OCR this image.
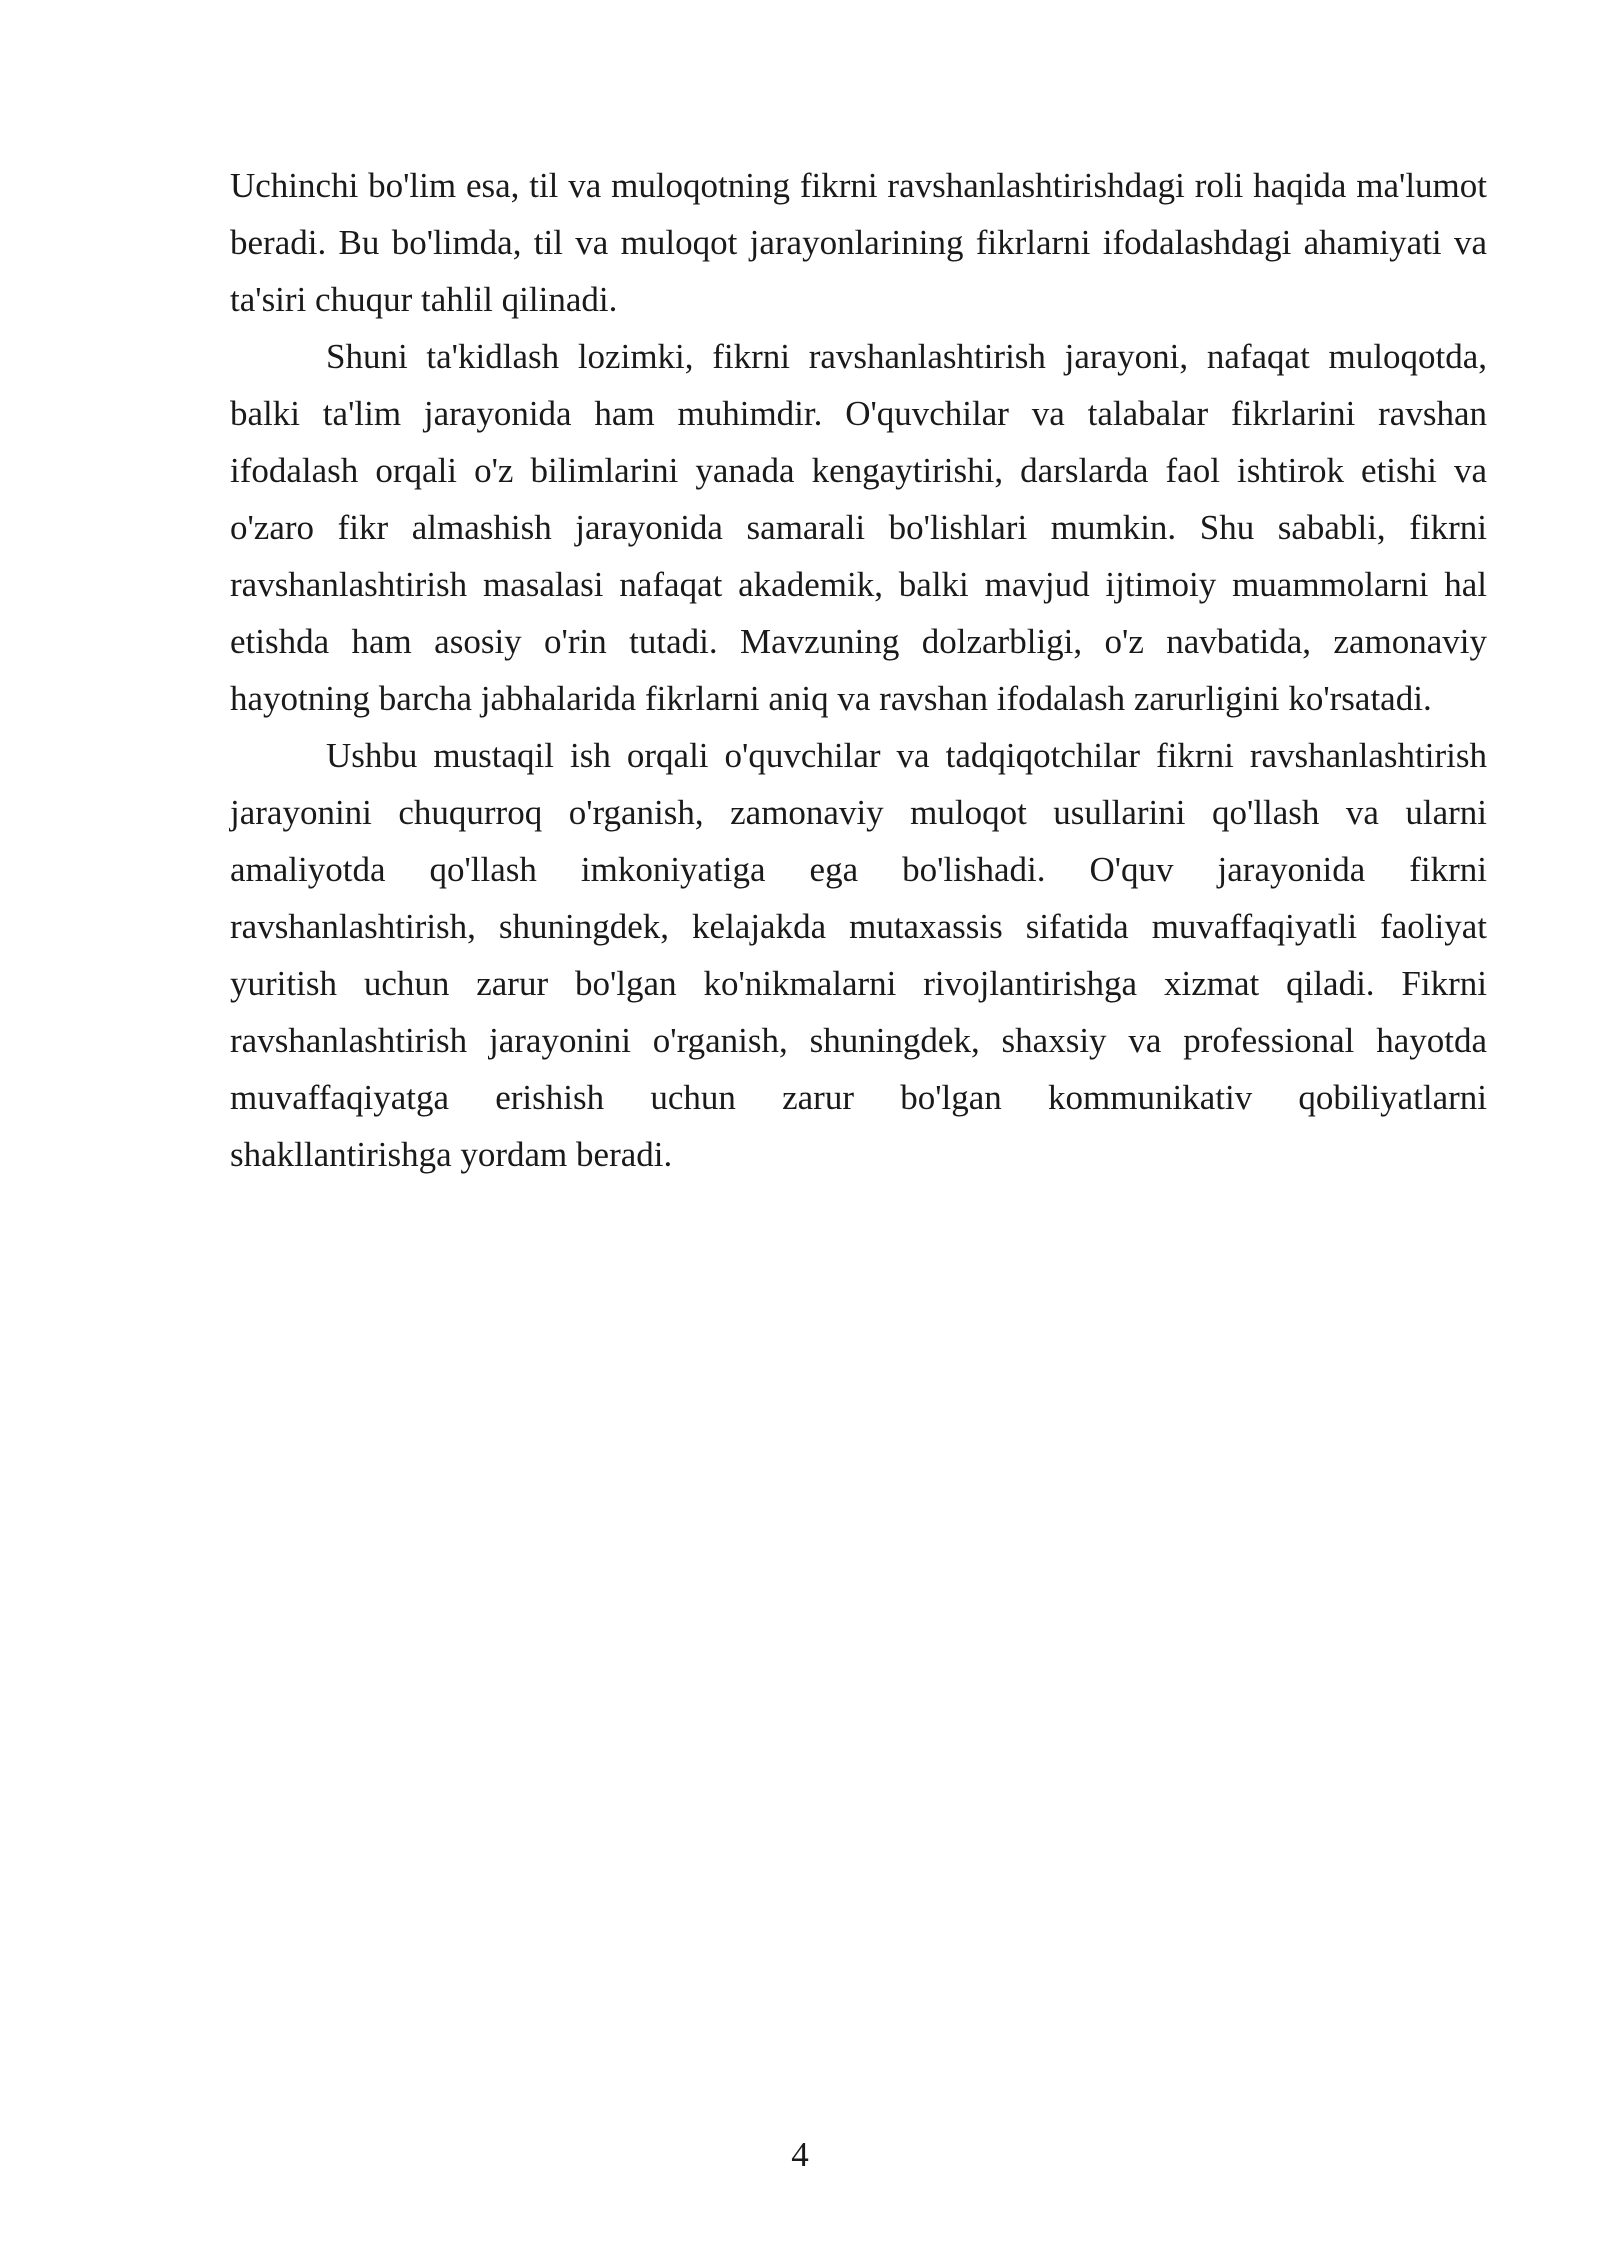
Uchinchi bo'lim esa, til va muloqotning fikrni ravshanlashtirishdagi roli haqida ma'lumot beradi. Bu bo'limda, til va muloqot jarayonlarining fikrlarni ifodalashdagi ahamiyati va ta'siri chuqur tahlil qilinadi.

Shuni ta'kidlash lozimki, fikrni ravshanlashtirish jarayoni, nafaqat muloqotda, balki ta'lim jarayonida ham muhimdir. O'quvchilar va talabalar fikrlarini ravshan ifodalash orqali o'z bilimlarini yanada kengaytirishi, darslarda faol ishtirok etishi va o'zaro fikr almashish jarayonida samarali bo'lishlari mumkin. Shu sababli, fikrni ravshanlashtirish masalasi nafaqat akademik, balki mavjud ijtimoiy muammolarni hal etishda ham asosiy o'rin tutadi. Mavzuning dolzarbligi, o'z navbatida, zamonaviy hayotning barcha jabhalarida fikrlarni aniq va ravshan ifodalash zarurligini ko'rsatadi.

Ushbu mustaqil ish orqali o'quvchilar va tadqiqotchilar fikrni ravshanlashtirish jarayonini chuqurroq o'rganish, zamonaviy muloqot usullarini qo'llash va ularni amaliyotda qo'llash imkoniyatiga ega bo'lishadi. O'quv jarayonida fikrni ravshanlashtirish, shuningdek, kelajakda mutaxassis sifatida muvaffaqiyatli faoliyat yuritish uchun zarur bo'lgan ko'nikmalarni rivojlantirishga xizmat qiladi. Fikrni ravshanlashtirish jarayonini o'rganish, shuningdek, shaxsiy va professional hayotda muvaffaqiyatga erishish uchun zarur bo'lgan kommunikativ qobiliyatlarni shakllantirishga yordam beradi.

4
